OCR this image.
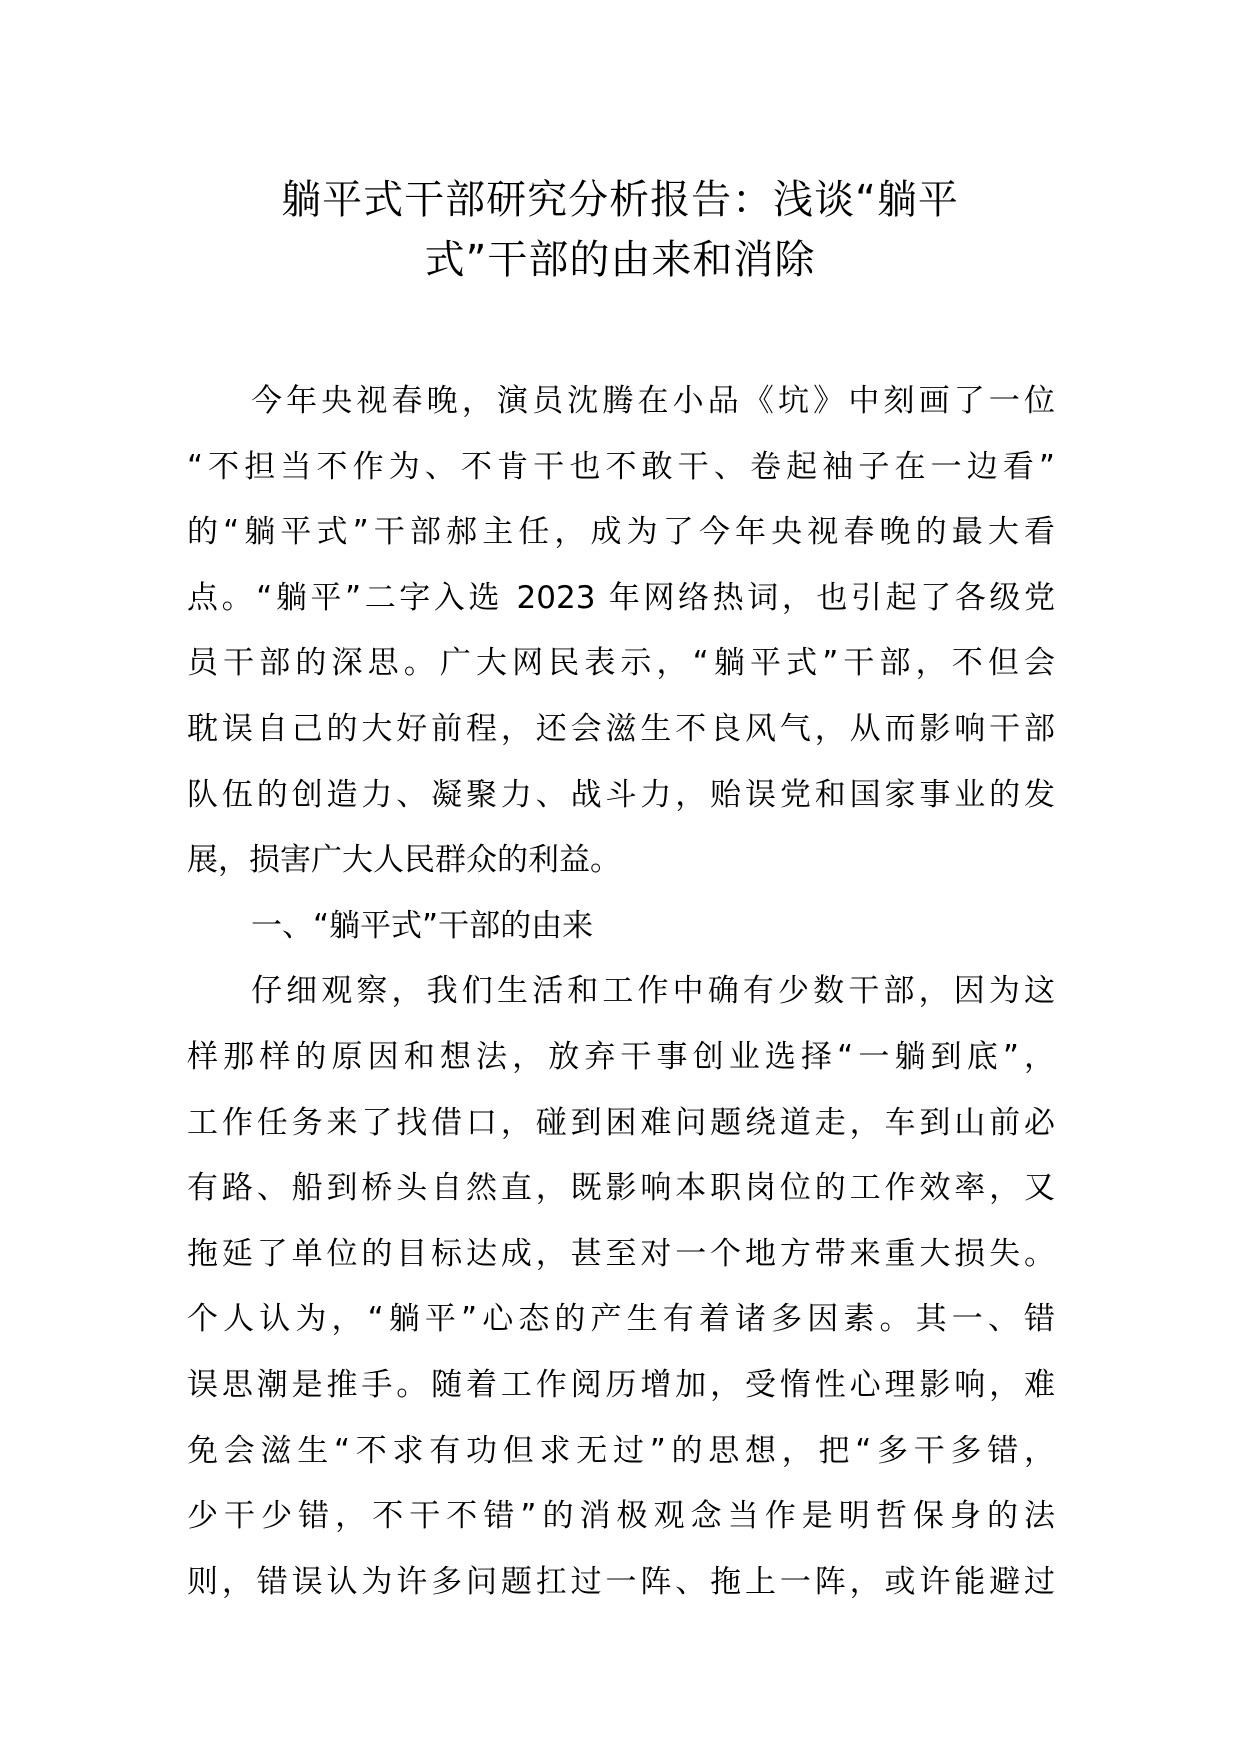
躺平式干部研究分析报告：浅谈“躺平
式”干部的由来和消除
今年央视春晚，演员沈腾在小品《坑》中刻画了一位
“不担当不作为、不肯干也不敢干、卷起袖子在一边看”
的“躺平式”干部郝主任，成为了今年央视春晚的最大看
点。“躺平”二字入选 2023 年网络热词，也引起了各级党
员干部的深思。广大网民表示，“躺平式”干部，不但会
耽误自己的大好前程，还会滋生不良风气，从而影响干部
队伍的创造力、凝聚力、战斗力，贻误党和国家事业的发
展，损害广大人民群众的利益。
一、“躺平式”干部的由来
仔细观察，我们生活和工作中确有少数干部，因为这
样那样的原因和想法，放弃干事创业选择“一躺到底”，
工作任务来了找借口，碰到困难问题绕道走，车到山前必
有路、船到桥头自然直，既影响本职岗位的工作效率，又
拖延了单位的目标达成，甚至对一个地方带来重大损失。
个人认为，“躺平”心态的产生有着诸多因素。其一、错
误思潮是推手。随着工作阅历增加，受惰性心理影响，难
免会滋生“不求有功但求无过”的思想，把“多干多错，
少干少错，不干不错”的消极观念当作是明哲保身的法
则，错误认为许多问题扛过一阵、拖上一阵，或许能避过
